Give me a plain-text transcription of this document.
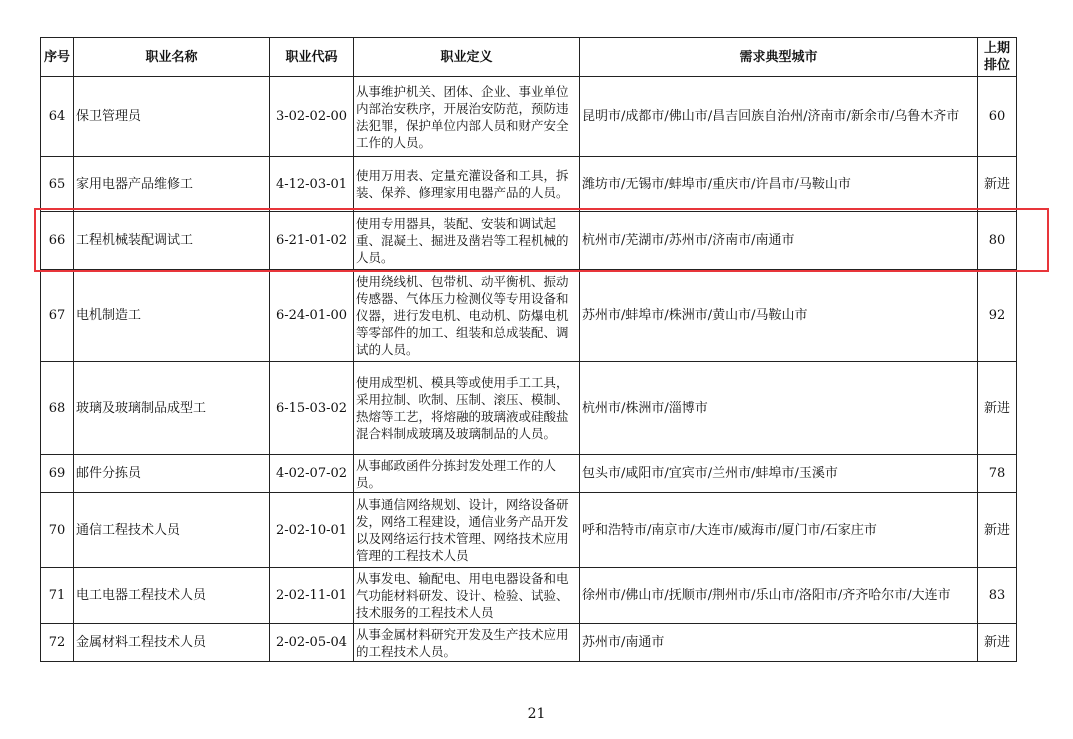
序号	职业名称	职业代码	职业定义	需求典型城市	上期
排位
64	保卫管理员	3-02-02-00	从事维护机关、团体、企业、事业单位内部治安秩序，开展治安防范，预防违法犯罪，保护单位内部人员和财产安全工作的人员。	昆明市/成都市/佛山市/昌吉回族自治州/济南市/新余市/乌鲁木齐市	60
65	家用电器产品维修工	4-12-03-01	使用万用表、定量充灌设备和工具，拆装、保养、修理家用电器产品的人员。	潍坊市/无锡市/蚌埠市/重庆市/许昌市/马鞍山市	新进
66	工程机械装配调试工	6-21-01-02	使用专用器具，装配、安装和调试起重、混凝土、掘进及凿岩等工程机械的人员。	杭州市/芜湖市/苏州市/济南市/南通市	80
67	电机制造工	6-24-01-00	使用绕线机、包带机、动平衡机、振动传感器、气体压力检测仪等专用设备和仪器，进行发电机、电动机、防爆电机等零部件的加工、组装和总成装配、调试的人员。	苏州市/蚌埠市/株洲市/黄山市/马鞍山市	92
68	玻璃及玻璃制品成型工	6-15-03-02	使用成型机、模具等或使用手工工具，采用拉制、吹制、压制、滚压、模制、热熔等工艺，将熔融的玻璃液或硅酸盐混合料制成玻璃及玻璃制品的人员。	杭州市/株洲市/淄博市	新进
69	邮件分拣员	4-02-07-02	从事邮政函件分拣封发处理工作的人员。	包头市/咸阳市/宜宾市/兰州市/蚌埠市/玉溪市	78
70	通信工程技术人员	2-02-10-01	从事通信网络规划、设计，网络设备研发，网络工程建设，通信业务产品开发以及网络运行技术管理、网络技术应用管理的工程技术人员	呼和浩特市/南京市/大连市/威海市/厦门市/石家庄市	新进
71	电工电器工程技术人员	2-02-11-01	从事发电、输配电、用电电器设备和电气功能材料研发、设计、检验、试验、技术服务的工程技术人员	徐州市/佛山市/抚顺市/荆州市/乐山市/洛阳市/齐齐哈尔市/大连市	83
72	金属材料工程技术人员	2-02-05-04	从事金属材料研究开发及生产技术应用的工程技术人员。	苏州市/南通市	新进
21
